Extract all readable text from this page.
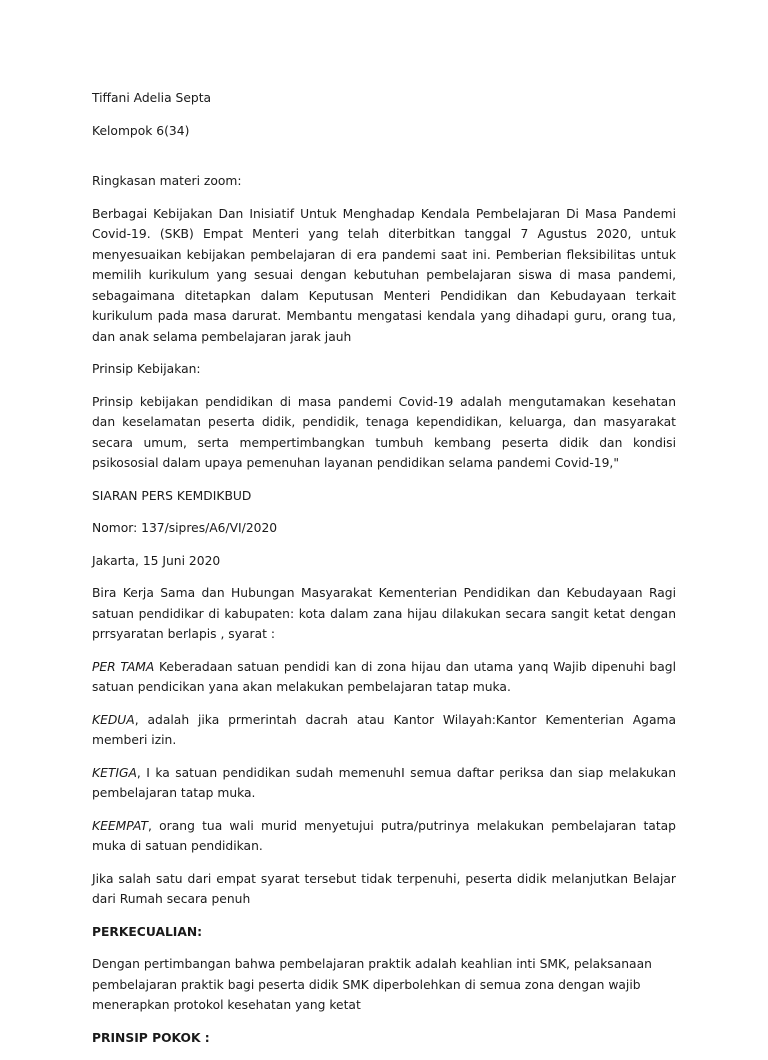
Tiffani Adelia Septa

Kelompok 6(34)

Ringkasan materi zoom:

Berbagai Kebijakan Dan Inisiatif Untuk Menghadap Kendala Pembelajaran Di Masa Pandemi Covid-19. (SKB) Empat Menteri yang telah diterbitkan tanggal 7 Agustus 2020, untuk menyesuaikan kebijakan pembelajaran di era pandemi saat ini. Pemberian fleksibilitas untuk memilih kurikulum yang sesuai dengan kebutuhan pembelajaran siswa di masa pandemi, sebagaimana ditetapkan dalam Keputusan Menteri Pendidikan dan Kebudayaan terkait kurikulum pada masa darurat. Membantu mengatasi kendala yang dihadapi guru, orang tua, dan anak selama pembelajaran jarak jauh

Prinsip Kebijakan:

Prinsip kebijakan pendidikan di masa pandemi Covid-19 adalah mengutamakan kesehatan dan keselamatan peserta didik, pendidik, tenaga kependidikan, keluarga, dan masyarakat secara umum, serta mempertimbangkan tumbuh kembang peserta didik dan kondisi psikososial dalam upaya pemenuhan layanan pendidikan selama pandemi Covid-19,"

SIARAN PERS KEMDIKBUD

Nomor: 137/sipres/A6/VI/2020

Jakarta, 15 Juni 2020

Bira Kerja Sama dan Hubungan Masyarakat Kementerian Pendidikan dan Kebudayaan Ragi satuan pendidikar di kabupaten: kota dalam zana hijau dilakukan secara sangit ketat dengan prrsyaratan berlapis , syarat :

PER TAMA Keberadaan satuan pendidi kan di zona hijau dan utama yanq Wajib dipenuhi bagl satuan pendicikan yana akan melakukan pembelajaran tatap muka.

KEDUA, adalah jika prmerintah dacrah atau Kantor Wilayah:Kantor Kementerian Agama memberi izin.

KETIGA, I ka satuan pendidikan sudah memenuhI semua daftar periksa dan siap melakukan pembelajaran tatap muka.

KEEMPAT, orang tua wali murid menyetujui putra/putrinya melakukan pembelajaran tatap muka di satuan pendidikan.

Jika salah satu dari empat syarat tersebut tidak terpenuhi, peserta didik melanjutkan Belajar dari Rumah secara penuh

PERKECUALIAN:

Dengan pertimbangan bahwa pembelajaran praktik adalah keahlian inti SMK, pelaksanaan pembelajaran praktik bagi peserta didik SMK diperbolehkan di semua zona dengan wajib menerapkan protokol kesehatan yang ketat

PRINSIP POKOK :
